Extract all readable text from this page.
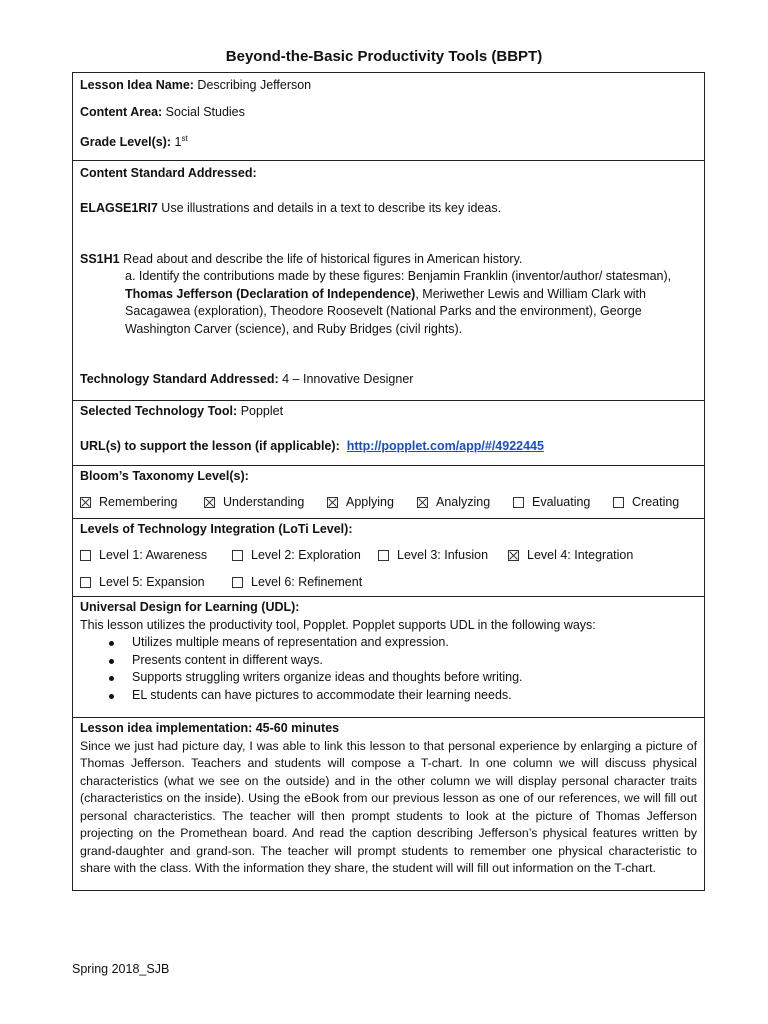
Beyond-the-Basic Productivity Tools (BBPT)

Lesson Idea Name: Describing Jefferson

Content Area: Social Studies

Grade Level(s): 1st

Content Standard Addressed:

ELAGSE1RI7 Use illustrations and details in a text to describe its key ideas.

SS1H1 Read about and describe the life of historical figures in American history.

a. Identify the contributions made by these figures: Benjamin Franklin (inventor/author/ statesman), Thomas Jefferson (Declaration of Independence), Meriwether Lewis and William Clark with Sacagawea (exploration), Theodore Roosevelt (National Parks and the environment), George Washington Carver (science), and Ruby Bridges (civil rights).

Technology Standard Addressed: 4 – Innovative Designer

Selected Technology Tool: Popplet

URL(s) to support the lesson (if applicable): http://popplet.com/app/#/4922445

Bloom’s Taxonomy Level(s):

Remembering	Understanding	Applying	Analyzing	Evaluating	Creating

Levels of Technology Integration (LoTi Level):

Level 1: Awareness	Level 2: Exploration	Level 3: Infusion	Level 4: Integration
Level 5: Expansion	Level 6: Refinement

Universal Design for Learning (UDL):

This lesson utilizes the productivity tool, Popplet. Popplet supports UDL in the following ways:

Utilizes multiple means of representation and expression.
Presents content in different ways.
Supports struggling writers organize ideas and thoughts before writing.
EL students can have pictures to accommodate their learning needs.

Lesson idea implementation: 45-60 minutes

Since we just had picture day, I was able to link this lesson to that personal experience by enlarging a picture of Thomas Jefferson. Teachers and students will compose a T-chart. In one column we will discuss physical characteristics (what we see on the outside) and in the other column we will display personal character traits (characteristics on the inside). Using the eBook from our previous lesson as one of our references, we will fill out personal characteristics. The teacher will then prompt students to look at the picture of Thomas Jefferson projecting on the Promethean board. And read the caption describing Jefferson’s physical features written by grand-daughter and grand-son. The teacher will prompt students to remember one physical characteristic to share with the class. With the information they share, the student will will fill out information on the T-chart.

Spring 2018_SJB
